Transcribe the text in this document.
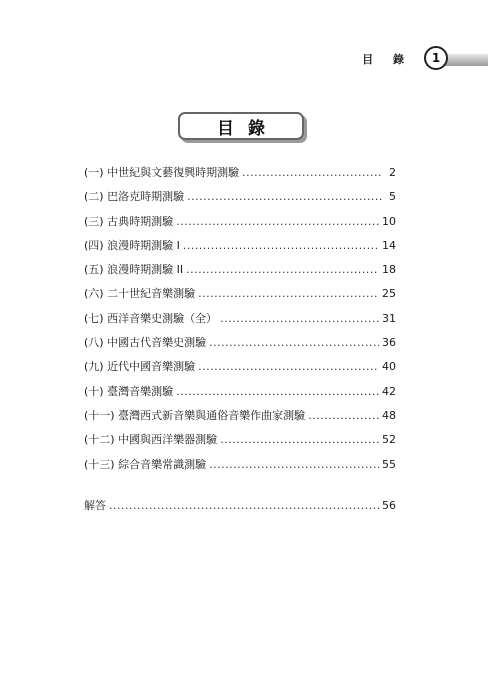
目 錄	1
目錄
(一) 中世紀與文藝復興時期測驗 .....	2
(二) 巴洛克時期測驗 .....	5
(三) 古典時期測驗 .....	10
(四) 浪漫時期測驗 I .....	14
(五) 浪漫時期測驗 II .....	18
(六) 二十世紀音樂測驗 .....	25
(七) 西洋音樂史測驗（全） .....	31
(八) 中國古代音樂史測驗 .....	36
(九) 近代中國音樂測驗 .....	40
(十) 臺灣音樂測驗 .....	42
(十一) 臺灣西式新音樂與通俗音樂作曲家測驗 .....	48
(十二) 中國與西洋樂器測驗 .....	52
(十三) 綜合音樂常識測驗 .....	55
解答 .....	56
